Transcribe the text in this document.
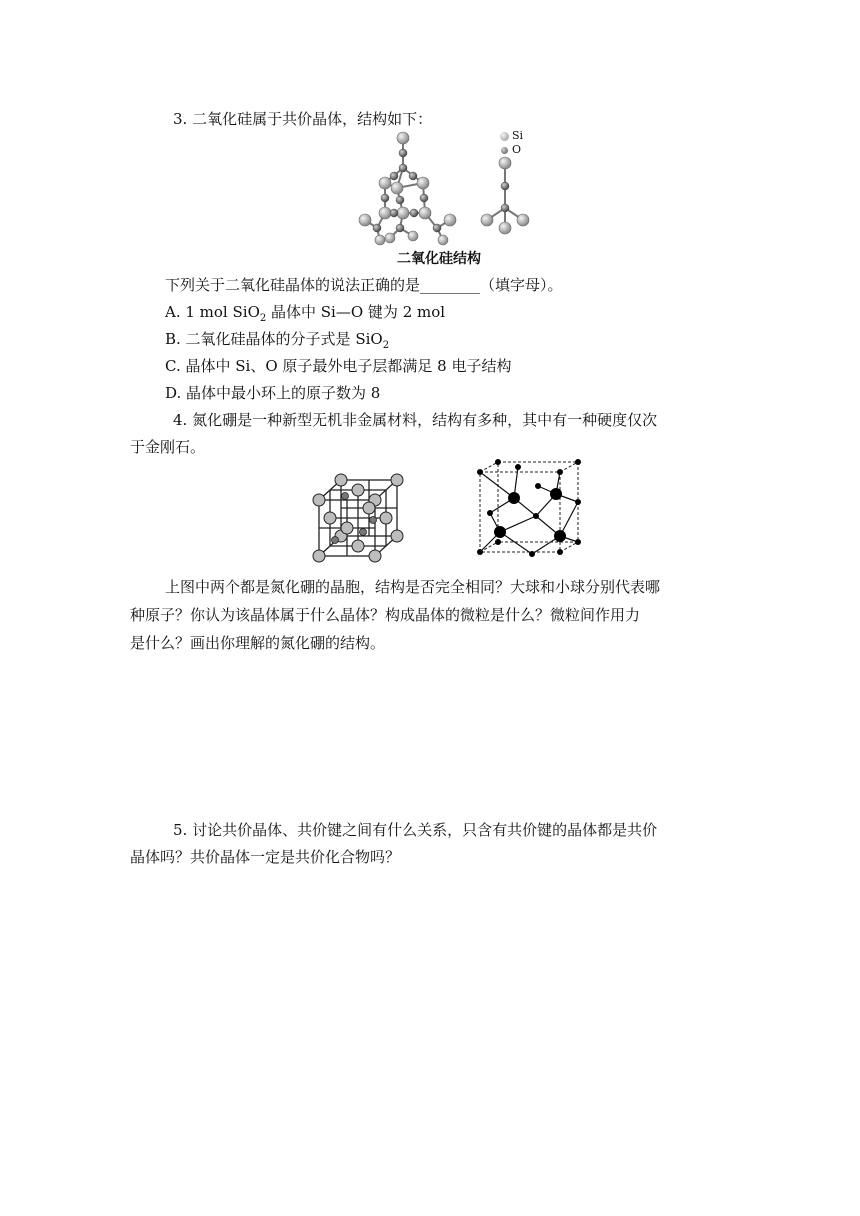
3. 二氧化硅属于共价晶体，结构如下：
Si
O
二氧化硅结构
下列关于二氧化硅晶体的说法正确的是________（填字母）。
A. 1 mol SiO$_2$ 晶体中 Si—O 键为 2 mol
B. 二氧化硅晶体的分子式是 SiO$_2$
C. 晶体中 Si、O 原子最外电子层都满足 8 电子结构
D. 晶体中最小环上的原子数为 8
4. 氮化硼是一种新型无机非金属材料，结构有多种，其中有一种硬度仅次
于金刚石。
上图中两个都是氮化硼的晶胞，结构是否完全相同？大球和小球分别代表哪
种原子？你认为该晶体属于什么晶体？构成晶体的微粒是什么？微粒间作用力
是什么？画出你理解的氮化硼的结构。
5. 讨论共价晶体、共价键之间有什么关系，只含有共价键的晶体都是共价
晶体吗？共价晶体一定是共价化合物吗？
